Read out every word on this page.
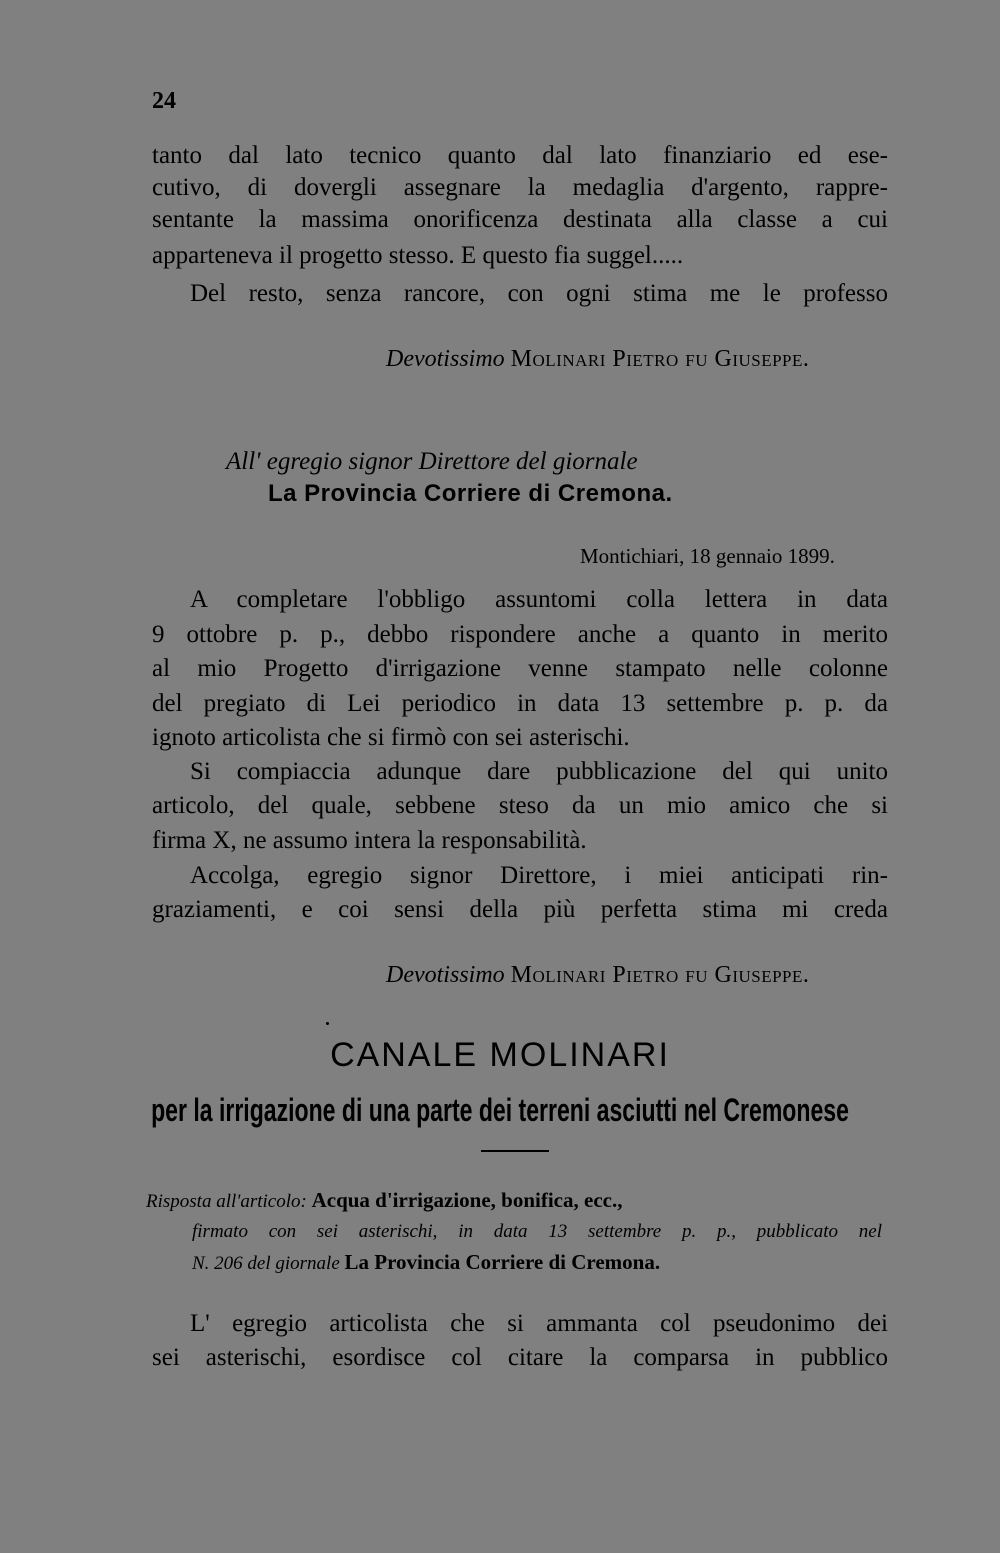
24
tanto dal lato tecnico quanto dal lato finanziario ed ese-
cutivo, di dovergli assegnare la medaglia d'argento, rappre-
sentante la massima onorificenza destinata alla classe a cui
apparteneva il progetto stesso. E questo fia suggel.....
Del resto, senza rancore, con ogni stima me le professo
Devotissimo Molinari Pietro fu Giuseppe.
All' egregio signor Direttore del giornale
La Provincia Corriere di Cremona.
Montichiari, 18 gennaio 1899.
A completare l'obbligo assuntomi colla lettera in data
9 ottobre p. p., debbo rispondere anche a quanto in merito
al mio Progetto d'irrigazione venne stampato nelle colonne
del pregiato di Lei periodico in data 13 settembre p. p. da
ignoto articolista che si firmò con sei asterischi.
Si compiaccia adunque dare pubblicazione del qui unito
articolo, del quale, sebbene steso da un mio amico che si
firma X, ne assumo intera la responsabilità.
Accolga, egregio signor Direttore, i miei anticipati rin-
graziamenti, e coi sensi della più perfetta stima mi creda
Devotissimo Molinari Pietro fu Giuseppe.
CANALE MOLINARI
per la irrigazione di una parte dei terreni asciutti nel Cremonese
Risposta all'articolo: Acqua d'irrigazione, bonifica, ecc.,
firmato con sei asterischi, in data 13 settembre p. p., pubblicato nel
N. 206 del giornale La Provincia Corriere di Cremona.
L' egregio articolista che si ammanta col pseudonimo dei
sei asterischi, esordisce col citare la comparsa in pubblico
